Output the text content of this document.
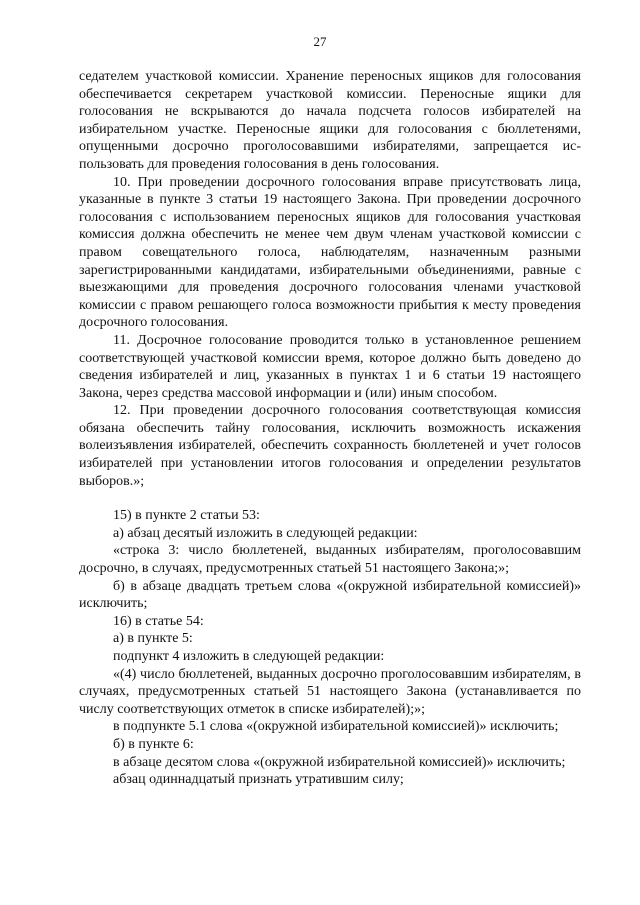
27

седателем участковой комиссии. Хранение переносных ящиков для голосования обеспечивается секретарем участковой комиссии. Переносные ящики для голосования не вскрываются до начала подсчета голосов избирателей на избирательном участке. Переносные ящики для голосования с бюллетенями, опущенными досрочно проголосовавшими избирателями, запрещается использовать для проведения голосования в день голосования.

10. При проведении досрочного голосования вправе присутствовать лица, указанные в пункте 3 статьи 19 настоящего Закона. При проведении досрочного голосования с использованием переносных ящиков для голосования участковая комиссия должна обеспечить не менее чем двум членам участковой комиссии с правом совещательного голоса, наблюдателям, назначенным разными зарегистрированными кандидатами, избирательными объединениями, равные с выезжающими для проведения досрочного голосования членами участковой комиссии с правом решающего голоса возможности прибытия к месту проведения досрочного голосования.

11. Досрочное голосование проводится только в установленное решением соответствующей участковой комиссии время, которое должно быть доведено до сведения избирателей и лиц, указанных в пунктах 1 и 6 статьи 19 настоящего Закона, через средства массовой информации и (или) иным способом.

12. При проведении досрочного голосования соответствующая комиссия обязана обеспечить тайну голосования, исключить возможность искажения волеизъявления избирателей, обеспечить сохранность бюллетеней и учет голосов избирателей при установлении итогов голосования и определении результатов выборов.»;

15) в пункте 2 статьи 53:

а) абзац десятый изложить в следующей редакции:

«строка 3: число бюллетеней, выданных избирателям, проголосовавшим досрочно, в случаях, предусмотренных статьей 51 настоящего Закона;»;

б) в абзаце двадцать третьем слова «(окружной избирательной комиссией)» исключить;

16) в статье 54:

а) в пункте 5:

подпункт 4 изложить в следующей редакции:

«(4) число бюллетеней, выданных досрочно проголосовавшим избирателям, в случаях, предусмотренных статьей 51 настоящего Закона (устанавливается по числу соответствующих отметок в списке избирателей);»;

в подпункте 5.1 слова «(окружной избирательной комиссией)» исключить;

б) в пункте 6:

в абзаце десятом слова «(окружной избирательной комиссией)» исключить;

абзац одиннадцатый признать утратившим силу;
